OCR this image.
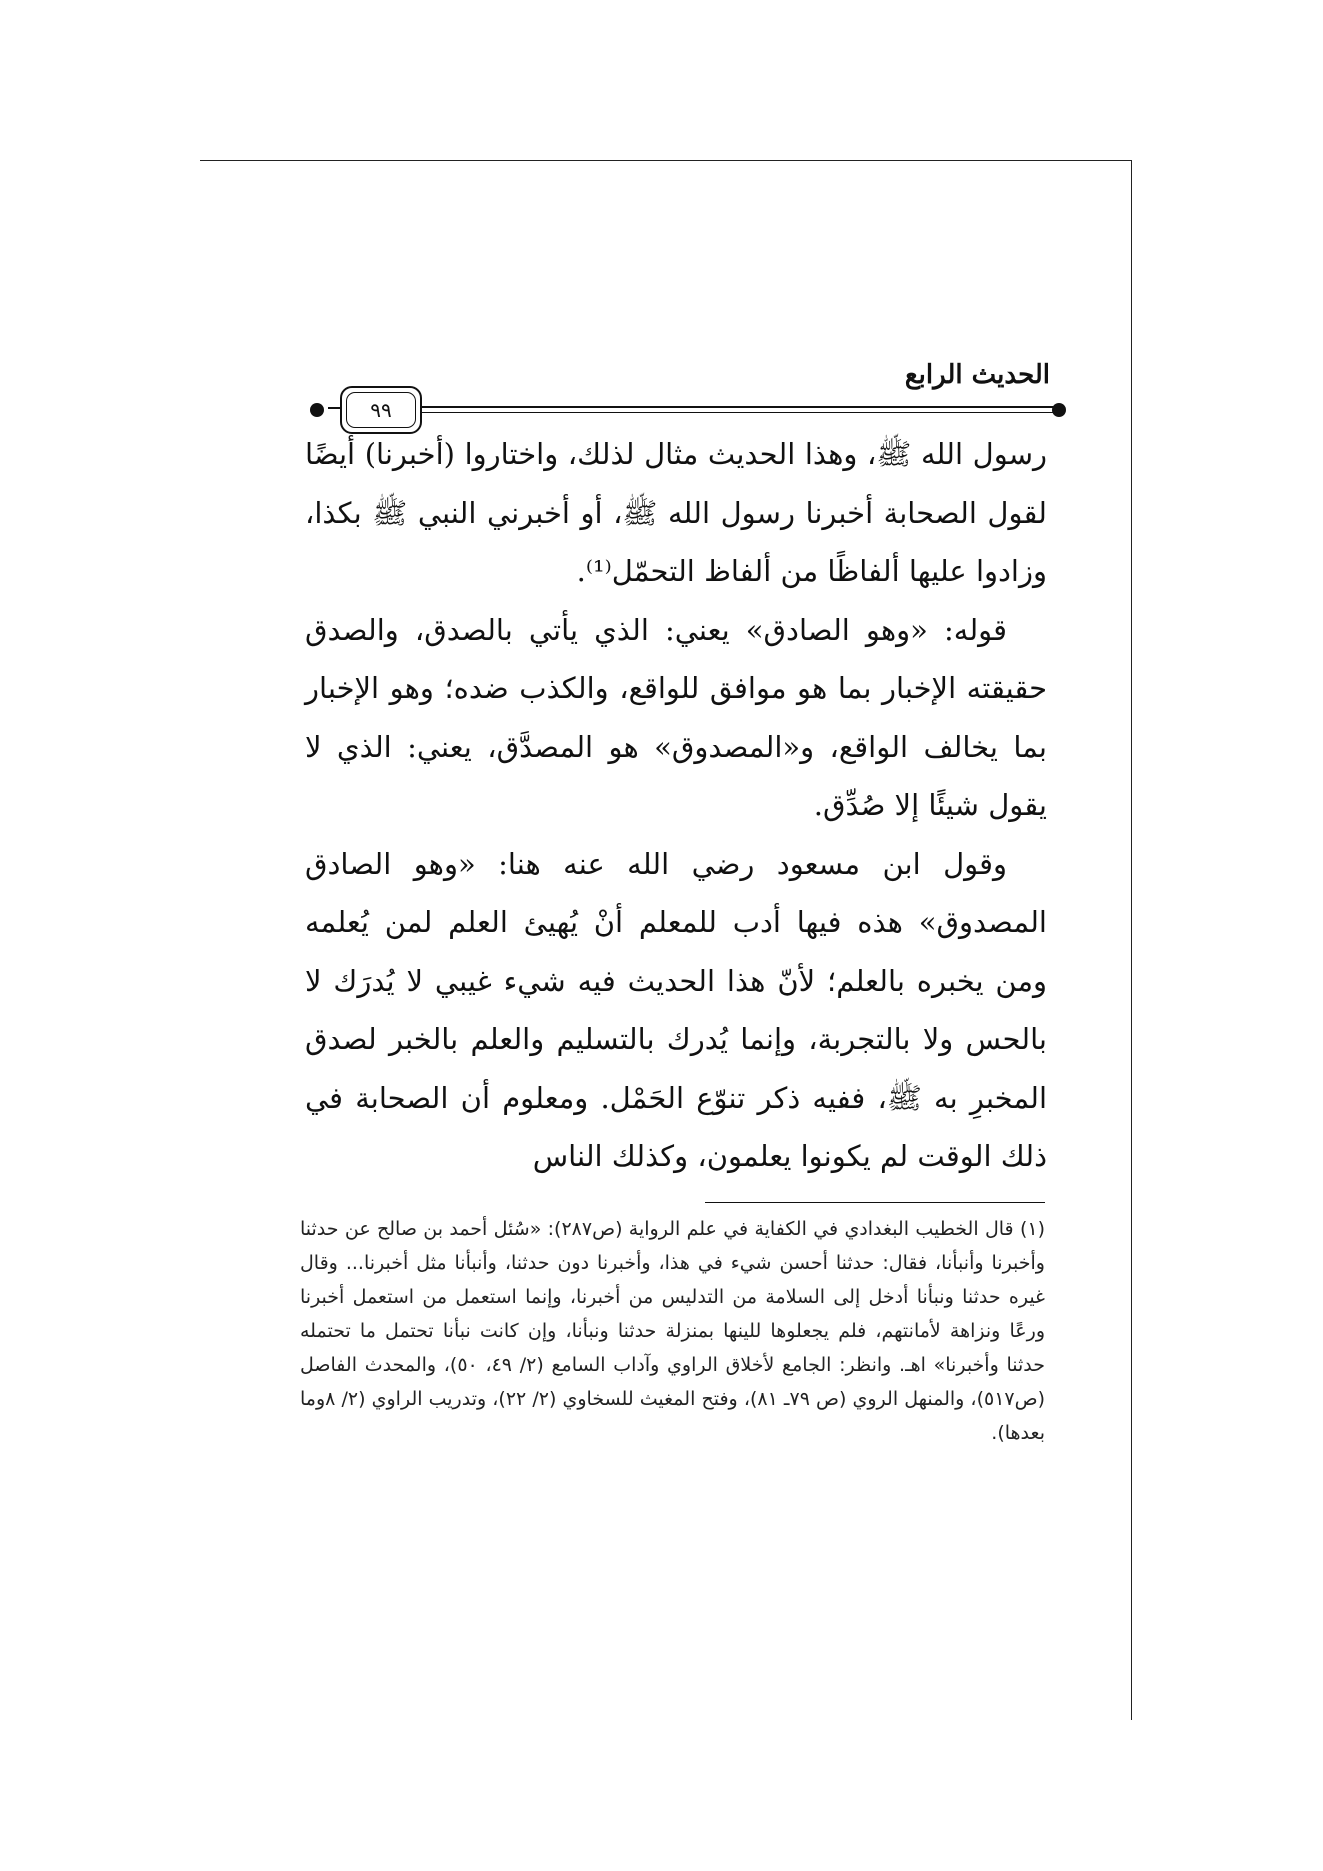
٩٩
الحديث الرابع

رسول الله ﷺ، وهذا الحديث مثال لذلك، واختاروا (أخبرنا) أيضًا لقول الصحابة أخبرنا رسول الله ﷺ، أو أخبرني النبي ﷺ بكذا، وزادوا عليها ألفاظًا من ألفاظ التحمّل⁽¹⁾.

قوله: «وهو الصادق» يعني: الذي يأتي بالصدق، والصدق حقيقته الإخبار بما هو موافق للواقع، والكذب ضده؛ وهو الإخبار بما يخالف الواقع، و«المصدوق» هو المصدَّق، يعني: الذي لا يقول شيئًا إلا صُدِّق.

وقول ابن مسعود رضي الله عنه هنا: «وهو الصادق المصدوق» هذه فيها أدب للمعلم أنْ يُهيئ العلم لمن يُعلمه ومن يخبره بالعلم؛ لأنّ هذا الحديث فيه شيء غيبي لا يُدرَك لا بالحس ولا بالتجربة، وإنما يُدرك بالتسليم والعلم بالخبر لصدق المخبرِ به ﷺ، ففيه ذكر تنوّع الحَمْل. ومعلوم أن الصحابة في ذلك الوقت لم يكونوا يعلمون، وكذلك الناس

(١) قال الخطيب البغدادي في الكفاية في علم الرواية (ص٢٨٧): «سُئل أحمد بن صالح عن حدثنا وأخبرنا وأنبأنا، فقال: حدثنا أحسن شيء في هذا، وأخبرنا دون حدثنا، وأنبأنا مثل أخبرنا... وقال غيره حدثنا ونبأنا أدخل إلى السلامة من التدليس من أخبرنا، وإنما استعمل من استعمل أخبرنا ورعًا ونزاهة لأمانتهم، فلم يجعلوها للينها بمنزلة حدثنا ونبأنا، وإن كانت نبأنا تحتمل ما تحتمله حدثنا وأخبرنا» اهـ. وانظر: الجامع لأخلاق الراوي وآداب السامع (٢/ ٤٩، ٥٠)، والمحدث الفاصل (ص٥١٧)، والمنهل الروي (ص ٧٩ـ ٨١)، وفتح المغيث للسخاوي (٢/ ٢٢)، وتدريب الراوي (٢/ ٨وما بعدها).
